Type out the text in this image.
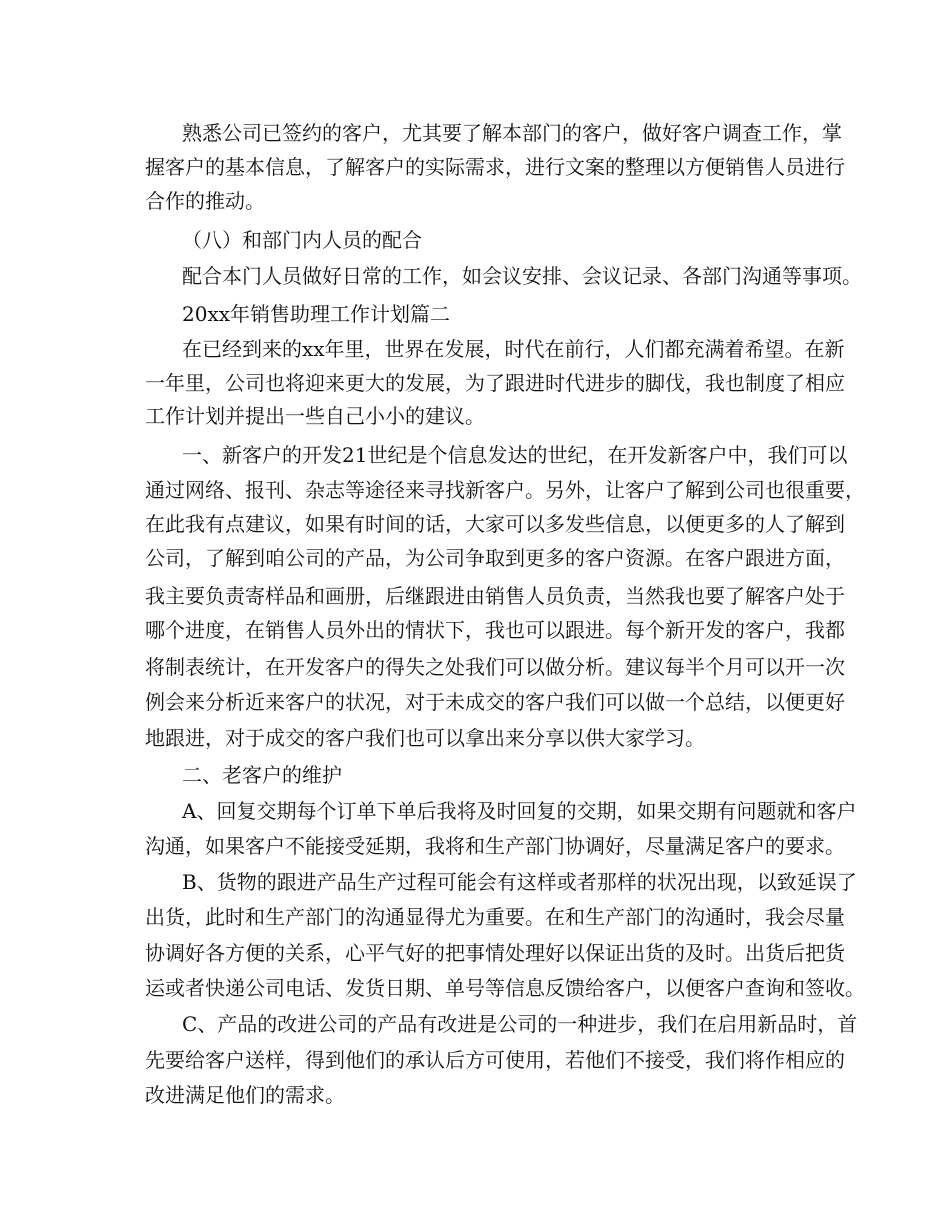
熟悉公司已签约的客户，尤其要了解本部门的客户，做好客户调查工作，掌
握客户的基本信息，了解客户的实际需求，进行文案的整理以方便销售人员进行
合作的推动。
（八）和部门内人员的配合
配合本门人员做好日常的工作，如会议安排、会议记录、各部门沟通等事项。
20xx年销售助理工作计划篇二
在已经到来的xx年里，世界在发展，时代在前行，人们都充满着希望。在新
一年里，公司也将迎来更大的发展，为了跟进时代进步的脚伐，我也制度了相应
工作计划并提出一些自己小小的建议。
一、新客户的开发21世纪是个信息发达的世纪，在开发新客户中，我们可以
通过网络、报刊、杂志等途径来寻找新客户。另外，让客户了解到公司也很重要，
在此我有点建议，如果有时间的话，大家可以多发些信息，以便更多的人了解到
公司，了解到咱公司的产品，为公司争取到更多的客户资源。在客户跟进方面，
我主要负责寄样品和画册，后继跟进由销售人员负责，当然我也要了解客户处于
哪个进度，在销售人员外出的情状下，我也可以跟进。每个新开发的客户，我都
将制表统计，在开发客户的得失之处我们可以做分析。建议每半个月可以开一次
例会来分析近来客户的状况，对于未成交的客户我们可以做一个总结，以便更好
地跟进，对于成交的客户我们也可以拿出来分享以供大家学习。
二、老客户的维护
A、回复交期每个订单下单后我将及时回复的交期，如果交期有问题就和客户
沟通，如果客户不能接受延期，我将和生产部门协调好，尽量满足客户的要求。
B、货物的跟进产品生产过程可能会有这样或者那样的状况出现，以致延误了
出货，此时和生产部门的沟通显得尤为重要。在和生产部门的沟通时，我会尽量
协调好各方便的关系，心平气好的把事情处理好以保证出货的及时。出货后把货
运或者快递公司电话、发货日期、单号等信息反馈给客户，以便客户查询和签收。
C、产品的改进公司的产品有改进是公司的一种进步，我们在启用新品时，首
先要给客户送样，得到他们的承认后方可使用，若他们不接受，我们将作相应的
改进满足他们的需求。
